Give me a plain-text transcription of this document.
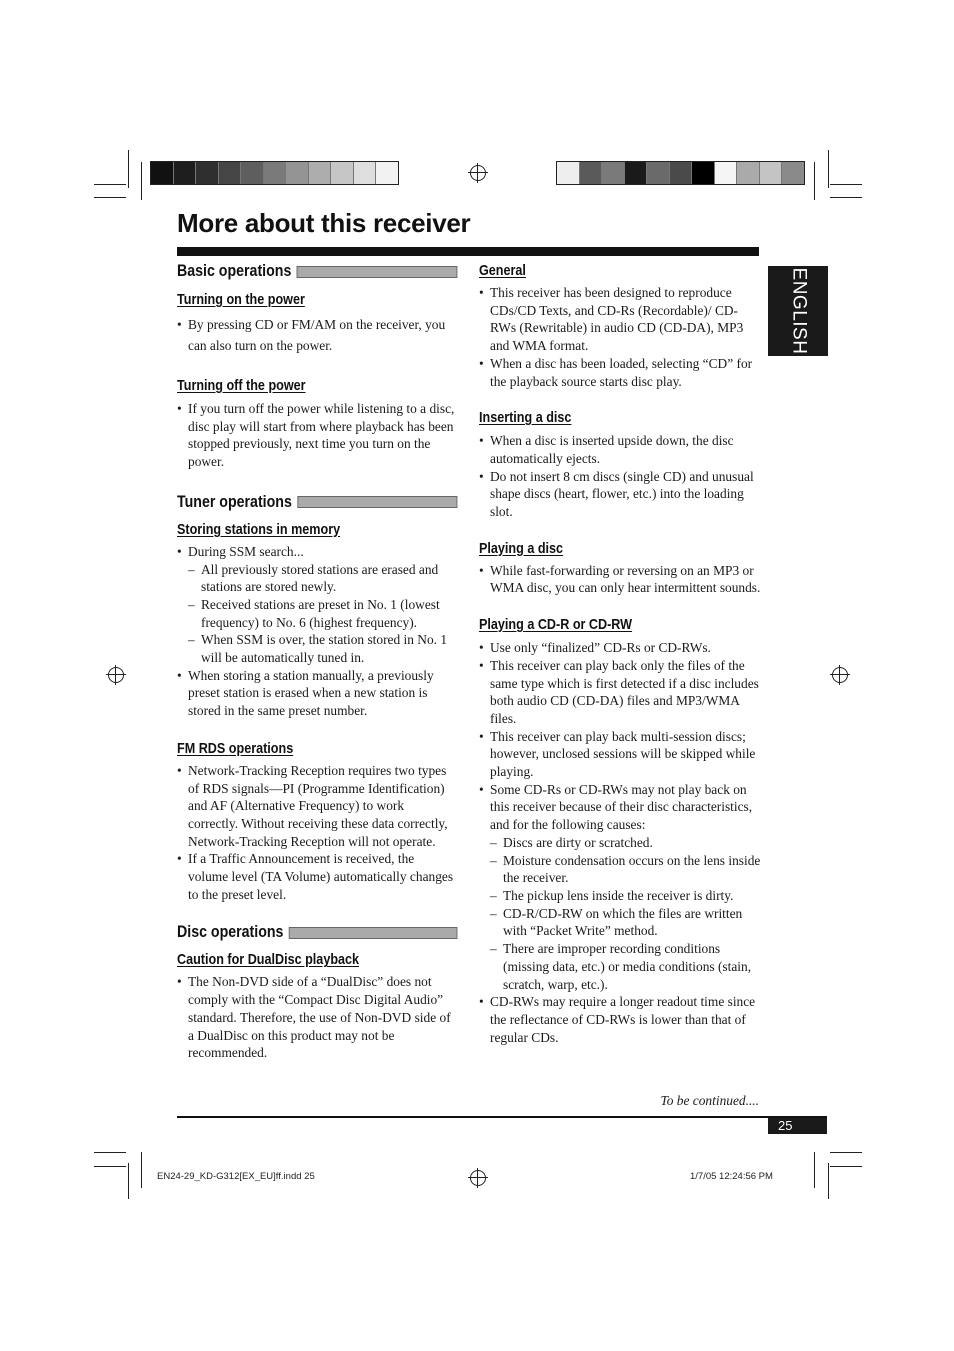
More about this receiver
ENGLISH
Basic operations
Turning on the power
• By pressing CD or FM/AM on the receiver, you can also turn on the power.
Turning off the power
• If you turn off the power while listening to a disc, disc play will start from where playback has been stopped previously, next time you turn on the power.
Tuner operations
Storing stations in memory
• During SSM search...
– All previously stored stations are erased and stations are stored newly.
– Received stations are preset in No. 1 (lowest frequency) to No. 6 (highest frequency).
– When SSM is over, the station stored in No. 1 will be automatically tuned in.
• When storing a station manually, a previously preset station is erased when a new station is stored in the same preset number.
FM RDS operations
• Network-Tracking Reception requires two types of RDS signals—PI (Programme Identification) and AF (Alternative Frequency) to work correctly. Without receiving these data correctly, Network-Tracking Reception will not operate.
• If a Traffic Announcement is received, the volume level (TA Volume) automatically changes to the preset level.
Disc operations
Caution for DualDisc playback
• The Non-DVD side of a “DualDisc” does not comply with the “Compact Disc Digital Audio” standard. Therefore, the use of Non-DVD side of a DualDisc on this product may not be recommended.
General
• This receiver has been designed to reproduce CDs/CD Texts, and CD-Rs (Recordable)/ CD-RWs (Rewritable) in audio CD (CD-DA), MP3 and WMA format.
• When a disc has been loaded, selecting “CD” for the playback source starts disc play.
Inserting a disc
• When a disc is inserted upside down, the disc automatically ejects.
• Do not insert 8 cm discs (single CD) and unusual shape discs (heart, flower, etc.) into the loading slot.
Playing a disc
• While fast-forwarding or reversing on an MP3 or WMA disc, you can only hear intermittent sounds.
Playing a CD-R or CD-RW
• Use only “finalized” CD-Rs or CD-RWs.
• This receiver can play back only the files of the same type which is first detected if a disc includes both audio CD (CD-DA) files and MP3/WMA files.
• This receiver can play back multi-session discs; however, unclosed sessions will be skipped while playing.
• Some CD-Rs or CD-RWs may not play back on this receiver because of their disc characteristics, and for the following causes:
– Discs are dirty or scratched.
– Moisture condensation occurs on the lens inside the receiver.
– The pickup lens inside the receiver is dirty.
– CD-R/CD-RW on which the files are written with “Packet Write” method.
– There are improper recording conditions (missing data, etc.) or media conditions (stain, scratch, warp, etc.).
• CD-RWs may require a longer readout time since the reflectance of CD-RWs is lower than that of regular CDs.
To be continued....
25
EN24-29_KD-G312[EX_EU]ff.indd 25	1/7/05 12:24:56 PM
